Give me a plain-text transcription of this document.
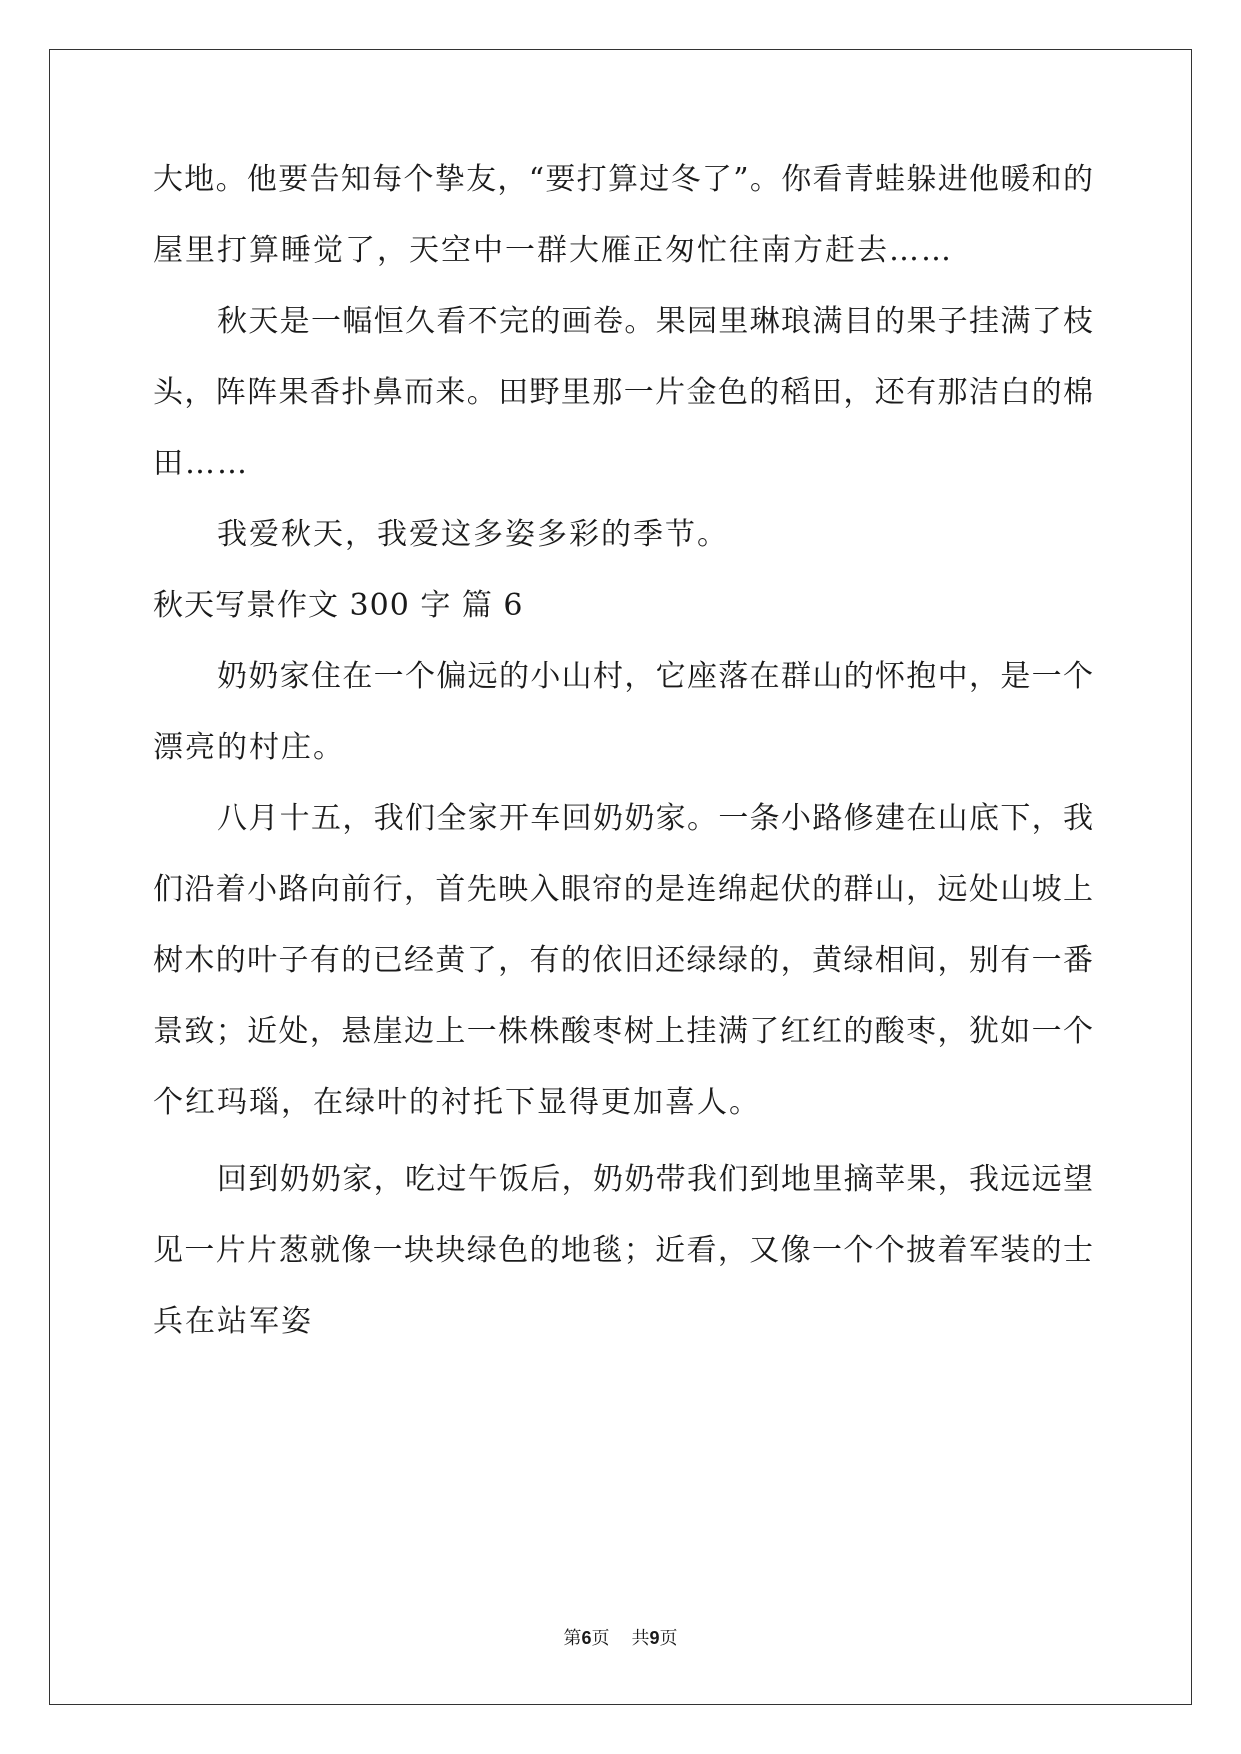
大地。他要告知每个挚友，“要打算过冬了”。你看青蛙躲进他暖和的
屋里打算睡觉了，天空中一群大雁正匆忙往南方赶去……
秋天是一幅恒久看不完的画卷。果园里琳琅满目的果子挂满了枝
头，阵阵果香扑鼻而来。田野里那一片金色的稻田，还有那洁白的棉
田……
我爱秋天，我爱这多姿多彩的季节。
秋天写景作文 300 字 篇 6
奶奶家住在一个偏远的小山村，它座落在群山的怀抱中，是一个
漂亮的村庄。
八月十五，我们全家开车回奶奶家。一条小路修建在山底下，我
们沿着小路向前行，首先映入眼帘的是连绵起伏的群山，远处山坡上
树木的叶子有的已经黄了，有的依旧还绿绿的，黄绿相间，别有一番
景致；近处，悬崖边上一株株酸枣树上挂满了红红的酸枣，犹如一个
个红玛瑙，在绿叶的衬托下显得更加喜人。
回到奶奶家，吃过午饭后，奶奶带我们到地里摘苹果，我远远望
见一片片葱就像一块块绿色的地毯；近看，又像一个个披着军装的士
兵在站军姿
第6页 共9页
